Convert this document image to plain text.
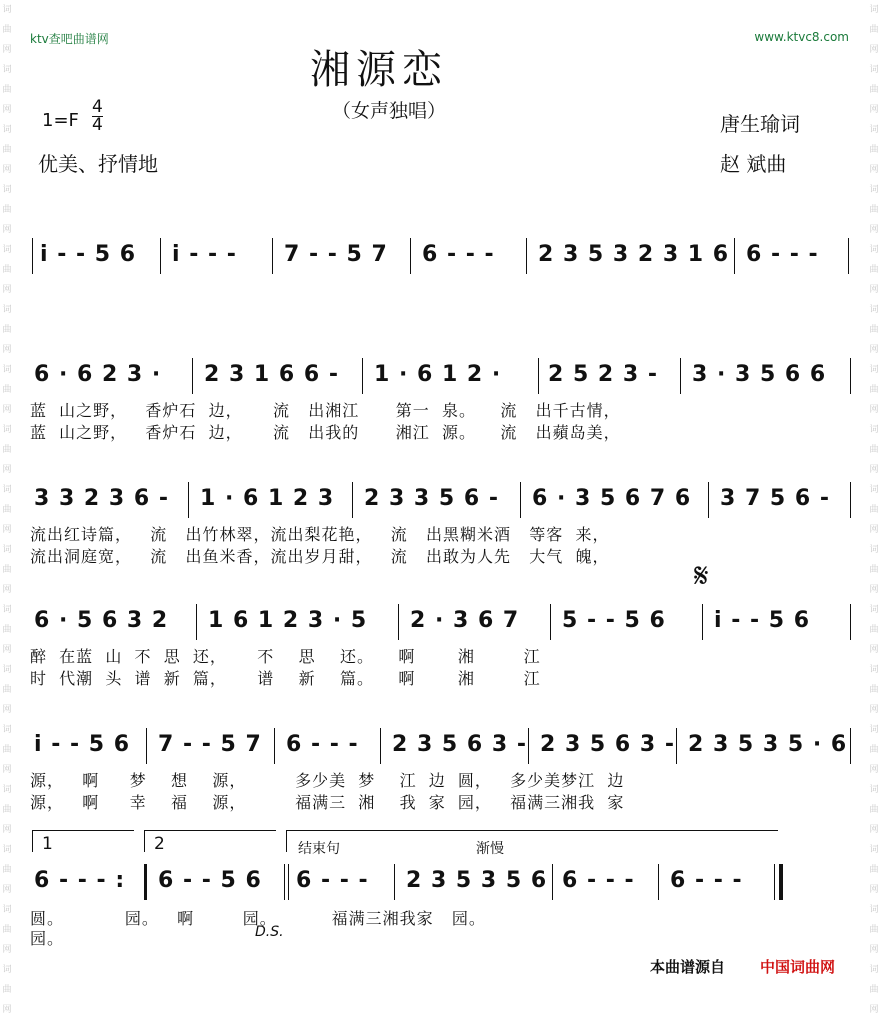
词
曲
网
词
曲
网
词
曲
网
词
曲
网
词
曲
网
词
曲
网
词
曲
网
词
曲
网
词
曲
网
词
曲
网
词
曲
网
词
曲
网
词
曲
网
词
曲
网
词
曲
网
词
曲
网
词
曲
网
词
曲
网
词
曲
网
词
曲
网
词
曲
网
词
曲
网
词
曲
网
词
曲
网
词
曲
网
词
曲
网
词
曲
网
词
曲
网
词
曲
网
词
曲
网
词
曲
网
词
曲
网
词
曲
网
词
曲
网
ktv查吧曲谱网	www.ktvc8.com
湘源恋
（女声独唱）
1=F
4
4
优美、抒情地
唐生瑜词
赵 斌曲
i - - 5 6 i - - - 7 - - 5 7 6 - - - 2 3 5 3 2 3 1 6 6 - - -
6 · 6 2 3 · 2 3 1 6 6 - 1 · 6 1 2 · 2 5 2 3 - 3 · 3 5 6 6
蓝  山之野，   香炉石  边，     流   出湘江      第一  泉。    流   出千古情，
蓝  山之野，   香炉石  边，     流   出我的      湘江  源。    流   出蘋岛美，
3 3 2 3 6 - 1 · 6 1 2 3 2 3 3 5 6 - 6 · 3 5 6 7 6 3 7 5 6 -
流出红诗篇，   流   出竹林翠，流出梨花艳，   流   出黑糊米酒   等客  来，
流出洞庭宽，   流   出鱼米香，流出岁月甜，   流   出敢为人先   大气  魄， 𝄋
6 · 5 6 3 2 1 6 1 2 3 · 5 2 · 3 6 7 5 - - 5 6 i - - 5 6
醉  在蓝  山  不  思  还，     不    思    还。    啊       湘        江
时  代潮  头  谱  新  篇，     谱    新    篇。    啊       湘        江
i - - 5 6 7 - - 5 7 6 - - - 2 3 5 6 3 - 2 3 5 6 3 - 2 3 5 3 5 · 6
源，   啊     梦    想    源，        多少美  梦    江  边  圆，   多少美梦江  边
源，   啊     幸    福    源，        福满三  湘    我  家  园，   福满三湘我  家
1	2	结束句	渐慢
6 - - - : 6 - - 5 6 6 - - - 2 3 5 3 5 6 6 - - - 6 - - -
圆。          园。   啊        园。         福满三湘我家   园。
园。	D.S.
本曲谱源自 中国词曲网
